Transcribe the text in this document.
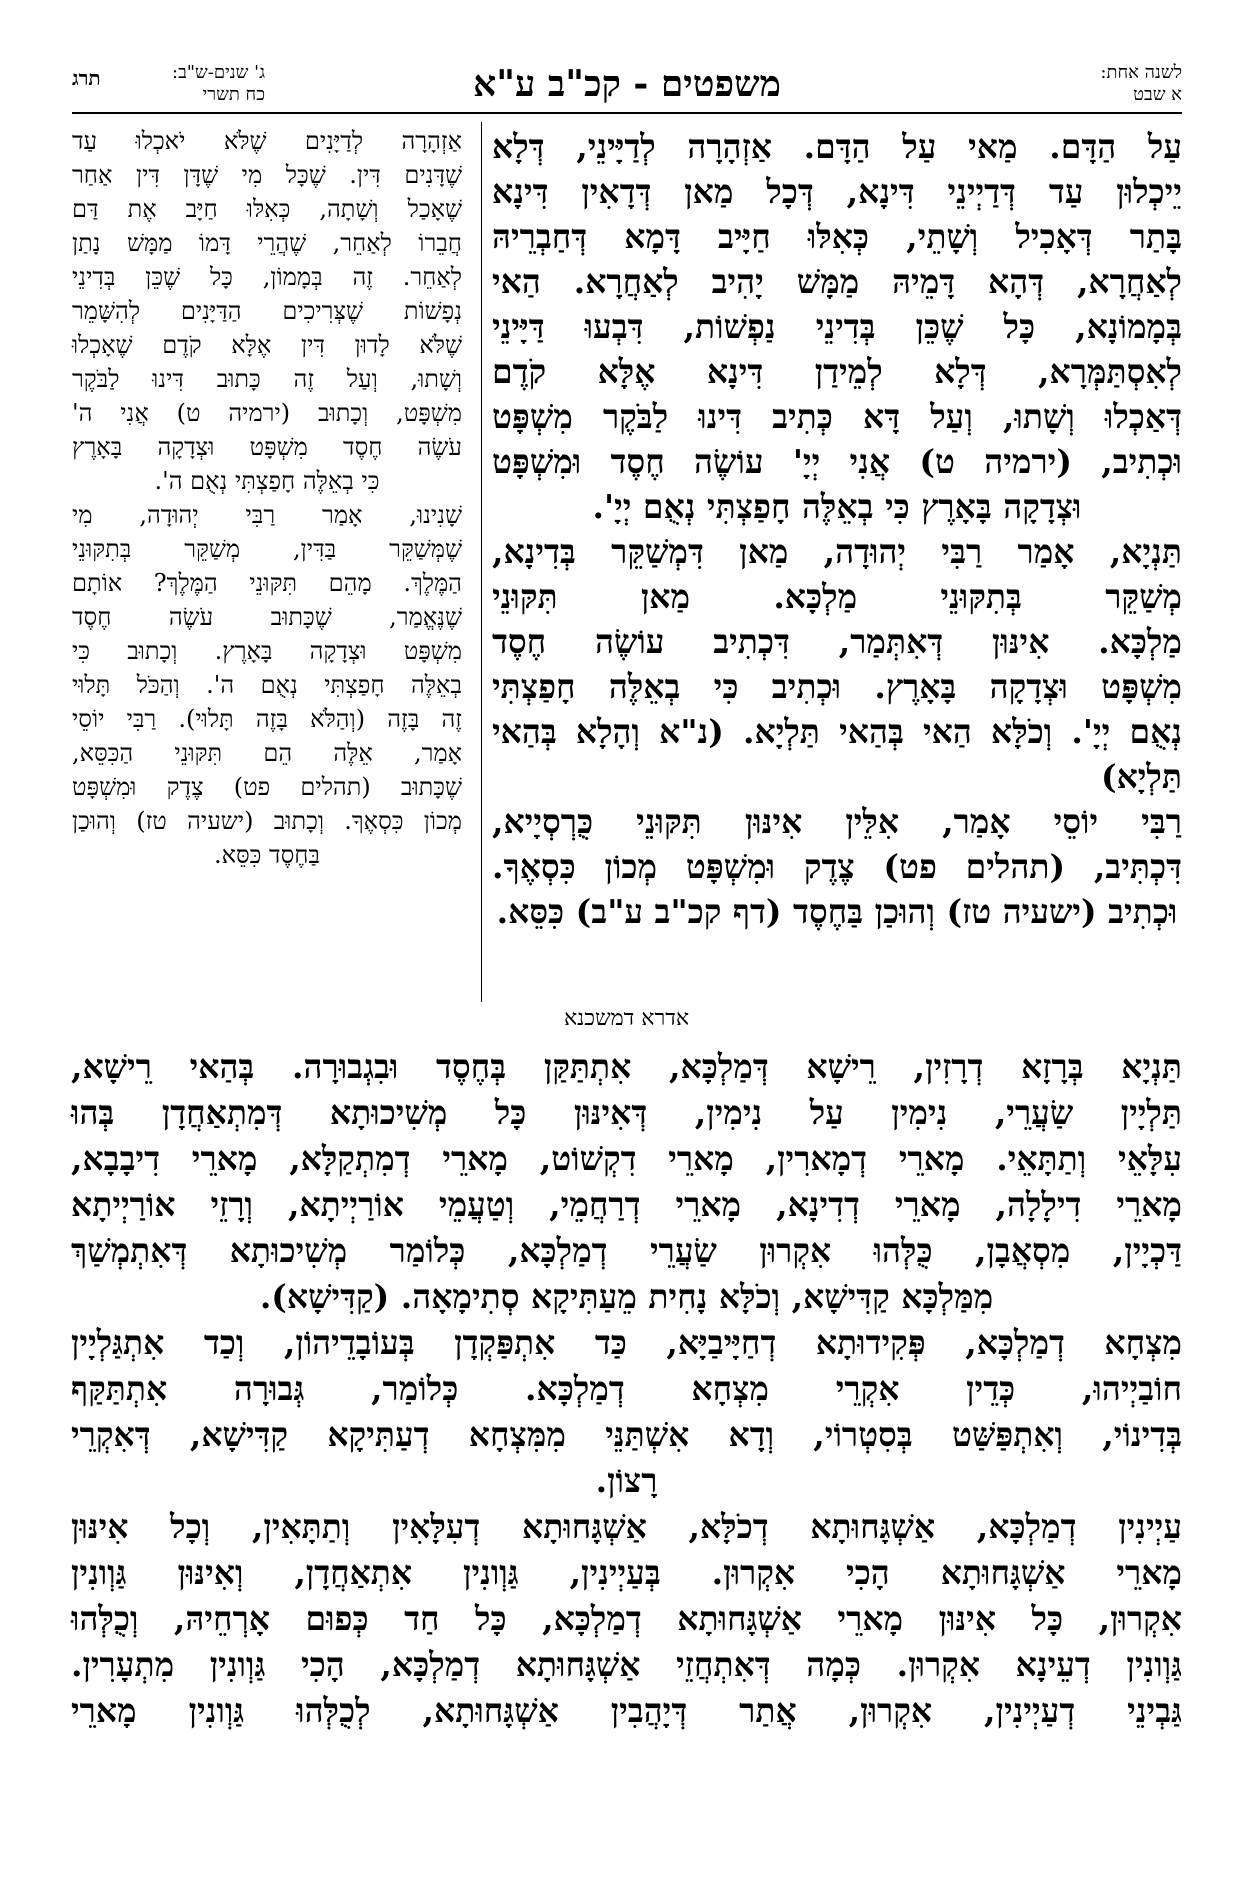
לשנה אחת:
א שבט
משפטים - קכ"ב ע"א
ג' שנים-ש"ב:
כח תשרי
תרג

עַל הַדָּם. מַאי עַל הַדָּם. אַזְהָרָה לְדַיָּינֵי, דְּלָא

יֵיכְלוּן עַד דְּדַיְינֵי דִּינָא, דְּכָל מַאן דְּדָאִין דִּינָא

בָּתַר דְּאָכִיל וְשָׁתֵי, כְּאִלּוּ חַיָּיב דָּמָא דְּחַבְרֵיהּ

לְאַחֲרָא, דְּהָא דָּמֵיהּ מַמָּשׁ יָהִיב לְאַחֲרָא. הַאי

בְּמָמוֹנָא, כָּל שֶׁכֵּן בְּדִינֵי נַפְשׁוֹת, דִּבְעוּ דַּיָּינֵי

לְאִסְתַּמְּרָא, דְּלָא לְמֵידַן דִּינָא אֶלָּא קֹדֶם

דְּאַכְלוּ וְשָׁתוּ, וְעַל דָּא כְּתִיב דִּינוּ לַבֹּקֶר מִשְׁפָּט

וּכְתִיב, (ירמיה ט) אֲנִי יְיָ' עוֹשֶׂה חֶסֶד וּמִשְׁפָּט

וּצְדָקָה בָּאָרֶץ כִּי בְאֵלֶּה חָפַצְתִּי נְאֻם יְיָ'.

תַּנְיָא, אָמַר רַבִּי יְהוּדָה, מַאן דִּמְשַׁקֵּר בְּדִינָא,

מְשַׁקֵּר בְּתִקּוּנֵי מַלְכָּא. מַאן תִּקּוּנֵי

מַלְכָּא. אִינּוּן דְּאִתְּמַר, דִּכְתִיב עוֹשֶׂה חֶסֶד

מִשְׁפָּט וּצְדָקָה בָּאָרֶץ. וּכְתִיב כִּי בְאֵלֶּה חָפַצְתִּי

נְאֻם יְיָ'. וְכֹלָּא הַאי בְּהַאי תַּלְיָא. (נ"א וְהָלָא בְּהַאי תַּלְיָא)

רַבִּי יוֹסֵי אָמַר, אִלֵּין אִינּוּן תִּקּוּנֵי כֻּרְסְיָיא,

דִּכְתִּיב, (תהלים פט) צֶדֶק וּמִשְׁפָּט מְכוֹן כִּסְאֶךָ.

וּכְתִיב (ישעיה טז) וְהוּכַן בַּחֶסֶד (דף קכ"ב ע"ב) כִּסֵּא.

אַזְהָרָה לְדַיָּנִים שֶׁלֹּא יֹאכְלוּ עַד

שֶׁדָּנִים דִּין. שֶׁכָּל מִי שֶׁדָּן דִּין אַחַר

שֶׁאָכַל וְשָׁתָה, כְּאִלּוּ חַיָּב אֶת דַּם

חֲבֵרוֹ לְאַחֵר, שֶׁהֲרֵי דָּמוֹ מַמָּשׁ נָתַן

לְאַחֵר. זֶה בְּמָמוֹן, כָּל שֶׁכֵּן בְּדִינֵי

נְפָשׁוֹת שֶׁצְּרִיכִים הַדַּיָּנִים לְהִשָּׁמֵר

שֶׁלֹּא לָדוּן דִּין אֶלָּא קֹדֶם שֶׁאָכְלוּ

וְשָׁתוּ, וְעַל זֶה כָּתוּב דִּינוּ לַבֹּקֶר

מִשְׁפָּט, וְכָתוּב (ירמיה ט) אֲנִי ה'

עֹשֶׂה חֶסֶד מִשְׁפָּט וּצְדָקָה בָּאָרֶץ

כִּי בְאֵלֶּה חָפַצְתִּי נְאֻם ה'.

שָׁנִינוּ, אָמַר רַבִּי יְהוּדָה, מִי

שֶׁמְּשַׁקֵּר בַּדִּין, מְשַׁקֵּר בְּתִקּוּנֵי

הַמֶּלֶךְ. מָהֵם תִּקּוּנֵי הַמֶּלֶךְ? אוֹתָם

שֶׁנֶּאֱמַר, שֶׁכָּתוּב עֹשֶׂה חֶסֶד

מִשְׁפָּט וּצְדָקָה בָּאָרֶץ. וְכָתוּב כִּי

בְאֵלֶּה חָפַצְתִּי נְאֻם ה'. וְהַכֹּל תָּלוּי

זֶה בָּזֶה (וְהַלֹּא בָּזֶה תָּלוּי). רַבִּי יוֹסֵי

אָמַר, אֵלֶּה הֵם תִּקּוּנֵי הַכִּסֵּא,

שֶׁכָּתוּב (תהלים פט) צֶדֶק וּמִשְׁפָּט

מְכוֹן כִּסְאֶךָ. וְכָתוּב (ישעיה טז) וְהוּכַן

בַּחֶסֶד כִּסֵּא.

אדרא דמשכנא

תַּנְיָא בְּרָזָא דְרָזִין, רֵישָׁא דְּמַלְכָּא, אִתְתַּקַּן בְּחֶסֶד וּבִגְבוּרָה. בְּהַאי רֵישָׁא,

תַּלְיָין שַׂעֲרֵי, נִימִין עַל נִימִין, דְּאִינּוּן כָּל מְשִׁיכוּתָא דְּמִתְאַחֲדָן בְּהוּ

עִלָּאֵי וְתַתָּאֵי. מָארֵי דְמָארִין, מָארֵי דִקְשׁוֹט, מָארֵי דְמִתְקַלָּא, מָארֵי דִיבָבָא,

מָארֵי דִילָלָה, מָארֵי דְדִינָא, מָארֵי דְרַחֲמֵי, וְטַעֲמֵי אוֹרַיְיתָא, וְרָזֵי אוֹרַיְיתָא

דַּכְיָין, מִסְאֲבָן, כֻּלְּהוּ אִקְרוּן שַׂעֲרֵי דְמַלְכָּא, כְּלוֹמַר מְשִׁיכוּתָא דְּאִתְמְשַׁךְ

מִמַּלְכָּא קַדִּישָׁא, וְכֹלָּא נָחִית מֵעַתִּיקָא סְתִימָאָה. (קַדִּישָׁא).

מִצְחָא דְמַלְכָּא, פְּקִידוּתָא דְחַיָּיבַיָּא, כַּד אִתְפַּקְדָן בְּעוֹבָדֵיהוֹן, וְכַד אִתְגַּלְיָין

חוֹבַיְיהוּ, כְּדֵין אִקְרֵי מִצְחָא דְמַלְכָּא. כְּלוֹמַר, גְּבוּרָה אִתְתַּקַּף

בְּדִינוֹי, וְאִתְפַּשַּׁט בְּסִטְרוֹי, וְדָא אִשְׁתַּנֵּי מִמִּצְחָא דְעַתִּיקָא קַדִּישָׁא, דְּאִקְרֵי

רָצוֹן.

עַיְינִין דְמַלְכָּא, אַשְׁגָּחוּתָא דְכֹלָּא, אַשְׁגָּחוּתָא דְעִלָּאִין וְתַתָּאִין, וְכָל אִינּוּן

מָארֵי אַשְׁגָּחוּתָא הָכִי אִקְרוּן. בְּעַיְינִין, גַּוְונִין אִתְאַחֲדָן, וְאִינּוּן גַּוְונִין

אִקְרוּן, כָּל אִינּוּן מָארֵי אַשְׁגָּחוּתָא דְמַלְכָּא, כָּל חַד כְּפוּם אָרְחֵיהּ, וְכֻלְּהוּ

גַּוְונִין דְעֵינָא אִקְרוּן. כְּמָה דְּאִתְחֲזֵי אַשְׁגָּחוּתָא דְמַלְכָּא, הָכִי גַּוְונִין מִתְעָרִין.

גַּבְינֵי דְעַיְינִין, אִקְרוּן, אֲתַר דְּיָהֲבִין אַשְׁגָּחוּתָא, לְכֻלְּהוּ גַּוְונִין מָארֵי
